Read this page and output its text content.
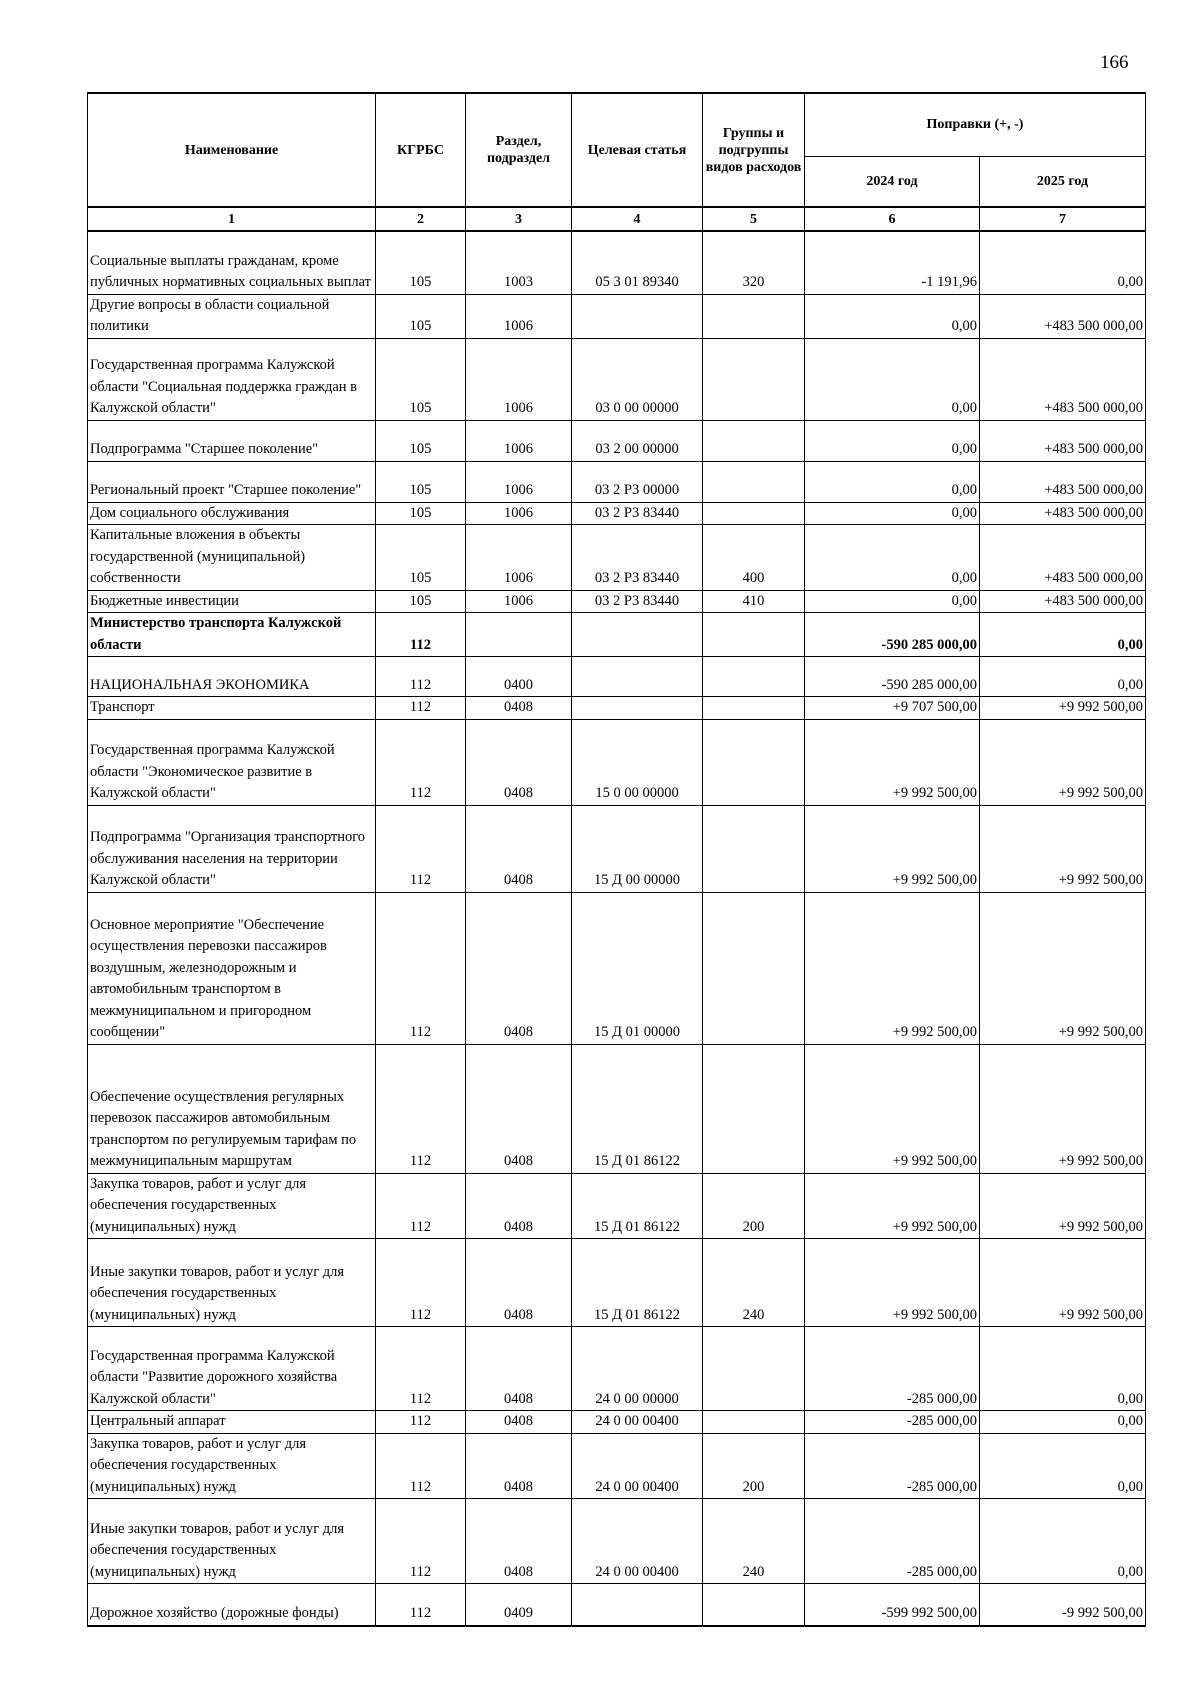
166
Наименование	КГРБС	Раздел, подраздел	Целевая статья	Группы и подгруппы видов расходов	Поправки (+, -)	
					2024 год	2025 год
1	2	3	4	5	6	7
Социальные выплаты гражданам, кроме публичных нормативных социальных выплат	105	1003	05 3 01 89340	320	-1 191,96	0,00
Другие вопросы в области социальной политики	105	1006			0,00	+483 500 000,00
Государственная программа Калужской области "Социальная поддержка граждан в Калужской области"	105	1006	03 0 00 00000		0,00	+483 500 000,00
Подпрограмма "Старшее поколение"	105	1006	03 2 00 00000		0,00	+483 500 000,00
Региональный проект "Старшее поколение"	105	1006	03 2 Р3 00000		0,00	+483 500 000,00
Дом социального обслуживания	105	1006	03 2 Р3 83440		0,00	+483 500 000,00
Капитальные вложения в объекты государственной (муниципальной) собственности	105	1006	03 2 Р3 83440	400	0,00	+483 500 000,00
Бюджетные инвестиции	105	1006	03 2 Р3 83440	410	0,00	+483 500 000,00
Министерство транспорта Калужской области	112				-590 285 000,00	0,00
НАЦИОНАЛЬНАЯ ЭКОНОМИКА	112	0400			-590 285 000,00	0,00
Транспорт	112	0408			+9 707 500,00	+9 992 500,00
Государственная программа Калужской области "Экономическое развитие в Калужской области"	112	0408	15 0 00 00000		+9 992 500,00	+9 992 500,00
Подпрограмма "Организация транспортного обслуживания населения на территории Калужской области"	112	0408	15 Д 00 00000		+9 992 500,00	+9 992 500,00
Основное мероприятие "Обеспечение осуществления перевозки пассажиров воздушным, железнодорожным и автомобильным транспортом в межмуниципальном и пригородном сообщении"	112	0408	15 Д 01 00000		+9 992 500,00	+9 992 500,00
Обеспечение осуществления регулярных перевозок пассажиров автомобильным транспортом по регулируемым тарифам по межмуниципальным маршрутам	112	0408	15 Д 01 86122		+9 992 500,00	+9 992 500,00
Закупка товаров, работ и услуг для обеспечения государственных (муниципальных) нужд	112	0408	15 Д 01 86122	200	+9 992 500,00	+9 992 500,00
Иные закупки товаров, работ и услуг для обеспечения государственных (муниципальных) нужд	112	0408	15 Д 01 86122	240	+9 992 500,00	+9 992 500,00
Государственная программа Калужской области "Развитие дорожного хозяйства Калужской области"	112	0408	24 0 00 00000		-285 000,00	0,00
Центральный аппарат	112	0408	24 0 00 00400		-285 000,00	0,00
Закупка товаров, работ и услуг для обеспечения государственных (муниципальных) нужд	112	0408	24 0 00 00400	200	-285 000,00	0,00
Иные закупки товаров, работ и услуг для обеспечения государственных (муниципальных) нужд	112	0408	24 0 00 00400	240	-285 000,00	0,00
Дорожное хозяйство (дорожные фонды)	112	0409			-599 992 500,00	-9 992 500,00
